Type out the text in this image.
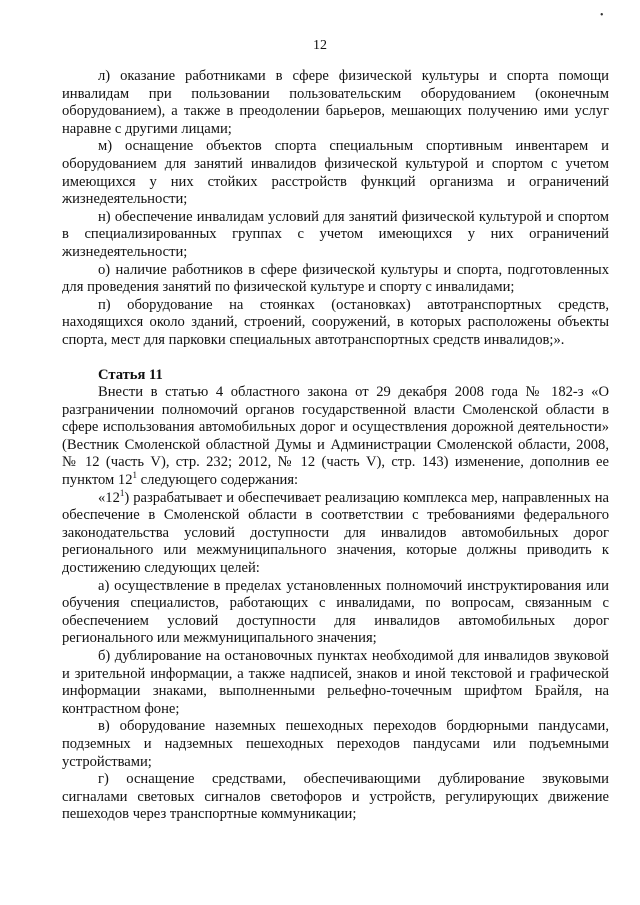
•
12

л) оказание работниками в сфере физической культуры и спорта помощи инвалидам при пользовании пользовательским оборудованием (оконечным оборудованием), а также в преодолении барьеров, мешающих получению ими услуг наравне с другими лицами;

м) оснащение объектов спорта специальным спортивным инвентарем и оборудованием для занятий инвалидов физической культурой и спортом с учетом имеющихся у них стойких расстройств функций организма и ограничений жизнедеятельности;

н) обеспечение инвалидам условий для занятий физической культурой и спортом в специализированных группах с учетом имеющихся у них ограничений жизнедеятельности;

о) наличие работников в сфере физической культуры и спорта, подготовленных для проведения занятий по физической культуре и спорту с инвалидами;

п) оборудование на стоянках (остановках) автотранспортных средств, находящихся около зданий, строений, сооружений, в которых расположены объекты спорта, мест для парковки специальных автотранспортных средств инвалидов;».

Статья 11

Внести в статью 4 областного закона от 29 декабря 2008 года № 182-з «О разграничении полномочий органов государственной власти Смоленской области в сфере использования автомобильных дорог и осуществления дорожной деятельности» (Вестник Смоленской областной Думы и Администрации Смоленской области, 2008, № 12 (часть V), стр. 232; 2012, № 12 (часть V), стр. 143) изменение, дополнив ее пунктом $12^1$ следующего содержания:

«$12^1$) разрабатывает и обеспечивает реализацию комплекса мер, направленных на обеспечение в Смоленской области в соответствии с требованиями федерального законодательства условий доступности для инвалидов автомобильных дорог регионального или межмуниципального значения, которые должны приводить к достижению следующих целей:

а) осуществление в пределах установленных полномочий инструктирования или обучения специалистов, работающих с инвалидами, по вопросам, связанным с обеспечением условий доступности для инвалидов автомобильных дорог регионального или межмуниципального значения;

б) дублирование на остановочных пунктах необходимой для инвалидов звуковой и зрительной информации, а также надписей, знаков и иной текстовой и графической информации знаками, выполненными рельефно-точечным шрифтом Брайля, на контрастном фоне;

в) оборудование наземных пешеходных переходов бордюрными пандусами, подземных и надземных пешеходных переходов пандусами или подъемными устройствами;

г) оснащение средствами, обеспечивающими дублирование звуковыми сигналами световых сигналов светофоров и устройств, регулирующих движение пешеходов через транспортные коммуникации;
